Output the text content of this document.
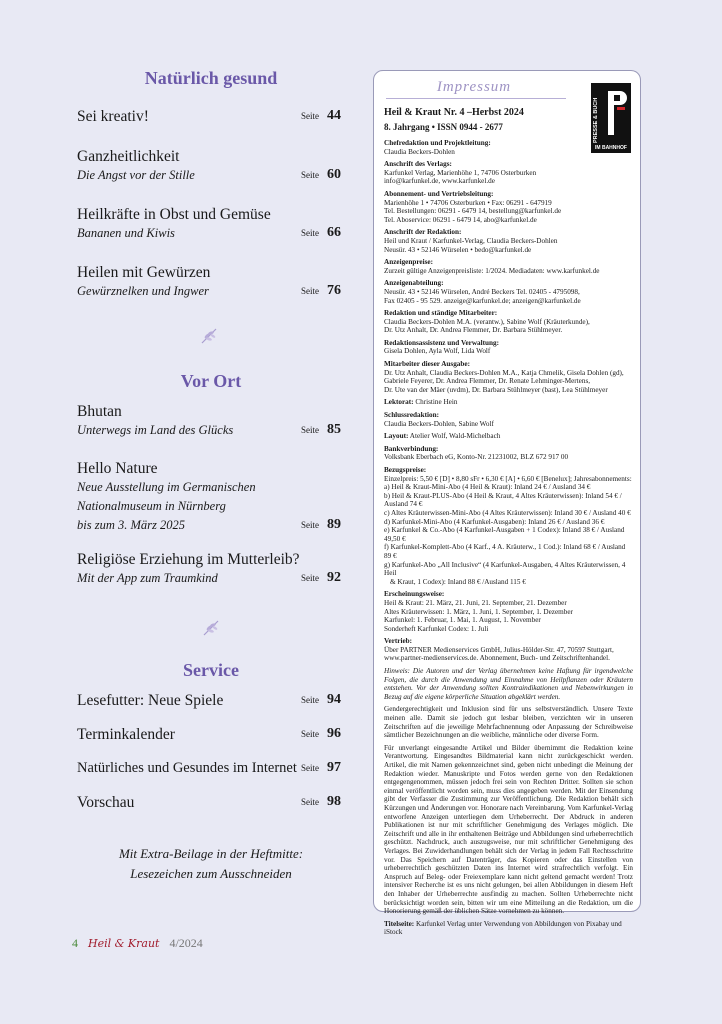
Natürlich gesund
Sei kreativ!	Seite 44
Ganzheitlichkeit
Die Angst vor der Stille	Seite 60
Heilkräfte in Obst und Gemüse
Bananen und Kiwis	Seite 66
Heilen mit Gewürzen
Gewürznelken und Ingwer	Seite 76
Vor Ort
Bhutan
Unterwegs im Land des Glücks	Seite 85
Hello Nature
Neue Ausstellung im Germanischen
Nationalmuseum in Nürnberg
bis zum 3. März 2025	Seite 89
Religiöse Erziehung im Mutterleib?
Mit der App zum Traumkind	Seite 92
Service
Lesefutter: Neue Spiele	Seite 94
Terminkalender	Seite 96
Natürliches und Gesundes im Internet Seite 97
Vorschau	Seite 98
Mit Extra-Beilage in der Heftmitte:
Lesezeichen zum Ausschneiden
4 Heil & Kraut 4/2024
Impressum
PRESSE & BUCH
IM BAHNHOF
Heil & Kraut Nr. 4 –Herbst 2024
8. Jahrgang • ISSN 0944 - 2677
Chefredaktion und Projektleitung:
Claudia Beckers-Dohlen
Anschrift des Verlags:
Karfunkel Verlag, Marienhöhe 1, 74706 Osterburken
info@karfunkel.de, www.karfunkel.de
Abonnement- und Vertriebsleitung:
Marienhöhe 1 • 74706 Osterburken • Fax: 06291 - 647919
Tel. Bestellungen: 06291 - 6479 14, bestellung@karfunkel.de
Tel. Aboservice: 06291 - 6479 14, abo@karfunkel.de
Anschrift der Redaktion:
Heil und Kraut / Karfunkel-Verlag, Claudia Beckers-Dohlen
Neusür. 43 • 52146 Würselen • bedo@karfunkel.de
Anzeigenpreise:
Zurzeit gültige Anzeigenpreisliste: 1/2024. Mediadaten: www.karfunkel.de
Anzeigenabteilung:
Neusür. 43 • 52146 Würselen, André Beckers Tel. 02405 - 4795098,
Fax 02405 - 95 529. anzeige@karfunkel.de; anzeigen@karfunkel.de
Redaktion und ständige Mitarbeiter:
Claudia Beckers-Dohlen M.A. (verantw.), Sabine Wolf (Kräuterkunde),
Dr. Utz Anhalt, Dr. Andrea Flemmer, Dr. Barbara Stühlmeyer.
Redaktionsassistenz und Verwaltung:
Gisela Dohlen, Ayla Wolf, Lida Wolf
Mitarbeiter dieser Ausgabe:
Dr. Utz Anhalt, Claudia Beckers-Dohlen M.A., Katja Chmelik, Gisela Dohlen (gd),
Gabriele Feyerer, Dr. Andrea Flemmer, Dr. Renate Lehminger-Mertens,
Dr. Ute van der Mäer (uvdm), Dr. Barbara Stühlmeyer (bast), Lea Stühlmeyer
Lektorat: Christine Hein
Schlussredaktion:
Claudia Beckers-Dohlen, Sabine Wolf
Layout: Atelier Wolf, Wald-Michelbach
Bankverbindung:
Volksbank Eberbach eG, Konto-Nr. 21231002, BLZ 672 917 00
Bezugspreise:
Einzelpreis: 5,50 € [D] • 8,80 sFr • 6,30 € [A] • 6,60 € [Benelux]; Jahresabonnements:
a) Heil & Kraut-Mini-Abo (4 Heil & Kraut): Inland 24 € / Ausland 34 €
b) Heil & Kraut-PLUS-Abo (4 Heil & Kraut, 4 Altes Kräuterwissen): Inland 54 € / Ausland 74 €
c) Altes Kräuterwissen-Mini-Abo (4 Altes Kräuterwissen): Inland 30 € / Ausland 40 €
d) Karfunkel-Mini-Abo (4 Karfunkel-Ausgaben): Inland 26 € / Ausland 36 €
e) Karfunkel & Co.-Abo (4 Karfunkel-Ausgaben + 1 Codex): Inland 38 € / Ausland 49,50 €
f) Karfunkel-Komplett-Abo (4 Karf., 4 A. Kräuterw., 1 Cod.): Inland 68 € / Ausland 89 €
g) Karfunkel-Abo „All Inclusive“ (4 Karfunkel-Ausgaben, 4 Altes Kräuterwissen, 4 Heil
& Kraut, 1 Codex): Inland 88 € /Ausland 115 €
Erscheinungsweise:
Heil & Kraut: 21. März, 21. Juni, 21. September, 21. Dezember
Altes Kräuterwissen: 1. März, 1. Juni, 1. September, 1. Dezember
Karfunkel: 1. Februar, 1. Mai, 1. August, 1. November
Sonderheft Karfunkel Codex: 1. Juli
Vertrieb:
Über PARTNER Medienservices GmbH, Julius-Hölder-Str. 47, 70597 Stuttgart,
www.partner-medienservices.de. Abonnement, Buch- und Zeitschriftenhandel.
Hinweis: Die Autoren und der Verlag übernehmen keine Haftung für irgendwelche Folgen, die durch die Anwendung und Einnahme von Heilpflanzen oder Kräutern entstehen. Vor der Anwendung sollten Kontraindikationen und Nebenwirkungen in Bezug auf die eigene körperliche Situation abgeklärt werden.
Gendergerechtigkeit und Inklusion sind für uns selbstverständlich. Unsere Texte meinen alle. Damit sie jedoch gut lesbar bleiben, verzichten wir in unseren Zeitschriften auf die jeweilige Mehrfachnennung oder Anpassung der Schreibweise sämtlicher Bezeichnungen an die weibliche, männliche oder diverse Form.
Für unverlangt eingesandte Artikel und Bilder übernimmt die Redaktion keine Verantwortung. Eingesandtes Bildmaterial kann nicht zurückgeschickt werden. Artikel, die mit Namen gekennzeichnet sind, geben nicht unbedingt die Meinung der Redaktion wieder. Manuskripte und Fotos werden gerne von den Redaktionen entgegengenommen, müssen jedoch frei sein von Rechten Dritter. Sollten sie schon einmal veröffentlicht worden sein, muss dies angegeben werden. Mit der Einsendung gibt der Verfasser die Zustimmung zur Veröffentlichung. Die Redaktion behält sich Kürzungen und Änderungen vor. Honorare nach Vereinbarung. Vom Karfunkel-Verlag entworfene Anzeigen unterliegen dem Urheberrecht. Der Abdruck in anderen Publikationen ist nur mit schriftlicher Genehmigung des Verlages möglich. Die Zeitschrift und alle in ihr enthaltenen Beiträge und Abbildungen sind urheberrechtlich geschützt. Nachdruck, auch auszugsweise, nur mit schriftlicher Genehmigung des Verlages. Bei Zuwiderhandlungen behält sich der Verlag in jedem Fall Rechtsschritte vor. Das Speichern auf Datenträger, das Kopieren oder das Einstellen von urheberrechtlich geschützten Daten ins Internet wird strafrechtlich verfolgt. Ein Anspruch auf Beleg- oder Freiexemplare kann nicht geltend gemacht werden! Trotz intensiver Recherche ist es uns nicht gelungen, bei allen Abbildungen in diesem Heft den Inhaber der Urheberrechte ausfindig zu machen. Sollten Urheberrechte nicht berücksichtigt worden sein, bitten wir um eine Mitteilung an die Redaktion, um die Honorierung gemäß der üblichen Sätze vornehmen zu können.
Titelseite: Karfunkel Verlag unter Verwendung von Abbildungen von Pixabay und iStock
